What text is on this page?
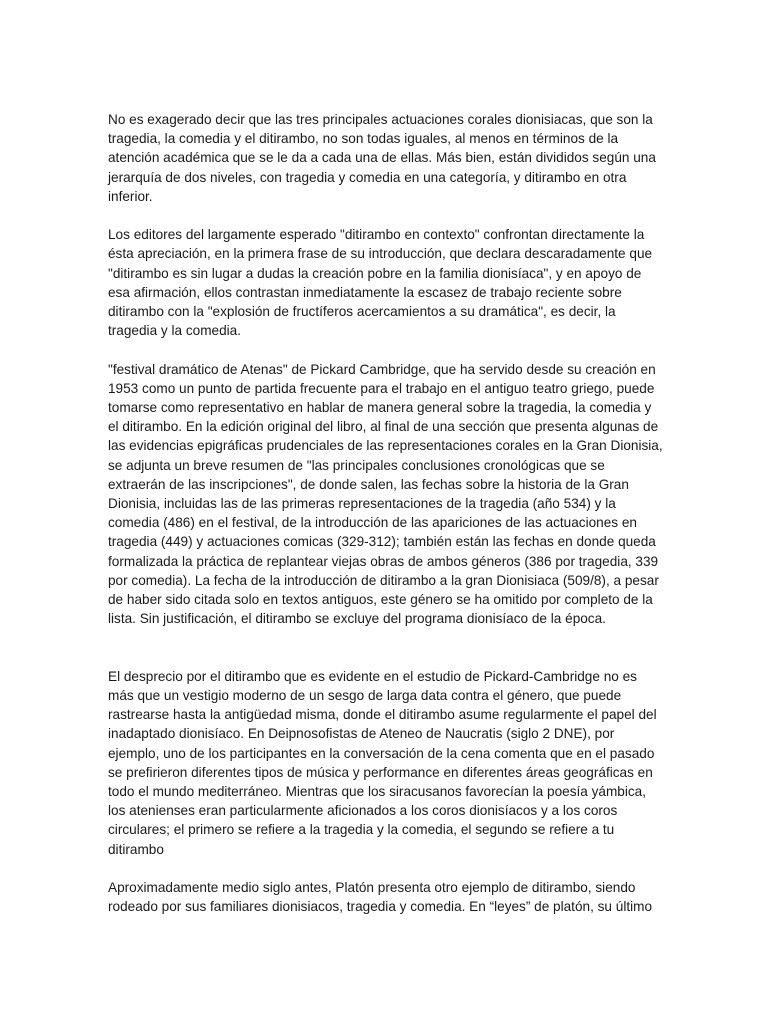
No es exagerado decir que las tres principales actuaciones corales dionisiacas, que son la tragedia, la comedia y el ditirambo, no son todas iguales, al menos en términos de la atención académica que se le da a cada una de ellas. Más bien, están divididos según una jerarquía de dos niveles, con tragedia y comedia en una categoría, y ditirambo en otra inferior.

Los editores del largamente esperado "ditirambo en contexto" confrontan directamente la ésta apreciación, en la primera frase de su introducción, que declara descaradamente que "ditirambo es sin lugar a dudas la creación pobre en la familia dionisíaca", y en apoyo de esa afirmación, ellos contrastan inmediatamente la escasez de trabajo reciente sobre ditirambo con la "explosión de fructíferos acercamientos a su dramática", es decir, la tragedia y la comedia.

"festival dramático de Atenas" de Pickard Cambridge, que ha servido desde su creación en 1953 como un punto de partida frecuente para el trabajo en el antiguo teatro griego, puede tomarse como representativo en hablar de manera general sobre la tragedia, la comedia y el ditirambo. En la edición original del libro, al final de una sección que presenta algunas de las evidencias epigráficas prudenciales de las representaciones corales en la Gran Dionisia, se adjunta un breve resumen de "las principales conclusiones cronológicas que se extraerán de las inscripciones", de donde salen, las fechas sobre la historia de la Gran Dionisia, incluidas las de las primeras representaciones de la tragedia (año 534) y la comedia (486) en el festival, de la introducción de las apariciones de las actuaciones en tragedia (449) y actuaciones comicas (329-312); también están las fechas en donde queda formalizada la práctica de replantear viejas obras de ambos géneros (386 por tragedia, 339 por comedia). La fecha de la introducción de ditirambo a la gran Dionisiaca (509/8), a pesar de haber sido citada solo en textos antiguos, este género se ha omitido por completo de la lista. Sin justificación, el ditirambo se excluye del programa dionisíaco de la época.

El desprecio por el ditirambo que es evidente en el estudio de Pickard-Cambridge no es más que un vestigio moderno de un sesgo de larga data contra el género, que puede rastrearse hasta la antigüedad misma, donde el ditirambo asume regularmente el papel del inadaptado dionisíaco. En Deipnosofistas de Ateneo de Naucratis (siglo 2 DNE), por ejemplo, uno de los participantes en la conversación de la cena comenta que en el pasado se prefirieron diferentes tipos de música y performance en diferentes áreas geográficas en todo el mundo mediterráneo. Mientras que los siracusanos favorecían la poesía yámbica, los atenienses eran particularmente aficionados a los coros dionisíacos y a los coros circulares; el primero se refiere a la tragedia y la comedia, el segundo se refiere a tu ditirambo

Aproximadamente medio siglo antes, Platón presenta otro ejemplo de ditirambo, siendo rodeado por sus familiares dionisiacos, tragedia y comedia. En “leyes” de platón, su último
